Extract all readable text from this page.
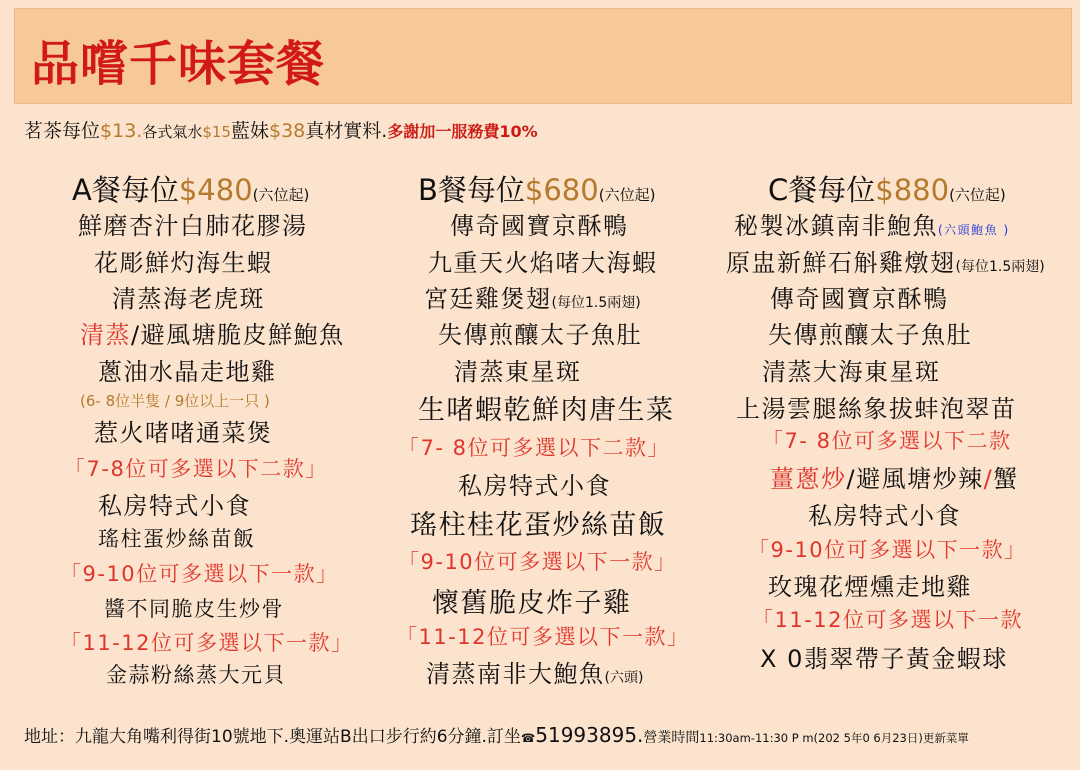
品嚐千味套餐
茗茶每位$13.各式氣水$15藍妹$38真材實料.多謝加一服務費10%
A餐每位$480(六位起)
鮮磨杏汁白肺花膠湯
花彫鮮灼海生蝦
清蒸海老虎斑
清蒸/避風塘脆皮鮮鮑魚
蔥油水晶走地雞
(6- 8位半隻 / 9位以上一只 )
惹火啫啫通菜煲
「7-8位可多選以下二款」
私房特式小食
瑤柱蛋炒絲苗飯
「9-10位可多選以下一款」
醬不同脆皮生炒骨
「11-12位可多選以下一款」
金蒜粉絲蒸大元貝
B餐每位$680(六位起)
傳奇國寶京酥鴨
九重天火焰啫大海蝦
宮廷雞煲翅(每位1.5兩翅)
失傳煎釀太子魚肚
清蒸東星斑
生啫蝦乾鮮肉唐生菜
「7- 8位可多選以下二款」
私房特式小食
瑤柱桂花蛋炒絲苗飯
「9-10位可多選以下一款」
懷舊脆皮炸子雞
「11-12位可多選以下一款」
清蒸南非大鮑魚(六頭)
C餐每位$880(六位起)
秘製冰鎮南非鮑魚(六頭鮑魚 )
原盅新鮮石斛雞燉翅(每位1.5兩翅)
傳奇國寶京酥鴨
失傳煎釀太子魚肚
清蒸大海東星斑
上湯雲腿絲象拔蚌泡翠苗
「7- 8位可多選以下二款
薑蔥炒/避風塘炒辣/蟹
私房特式小食
「9-10位可多選以下一款」
玫瑰花煙燻走地雞
「11-12位可多選以下一款
X 0翡翠帶子黃金蝦球
地址：九龍大角嘴利得街10號地下.奧運站B出口步行約6分鐘.訂坐☎51993895.營業時間11:30am-11:30 P m(202 5年0 6月23日)更新菜單
